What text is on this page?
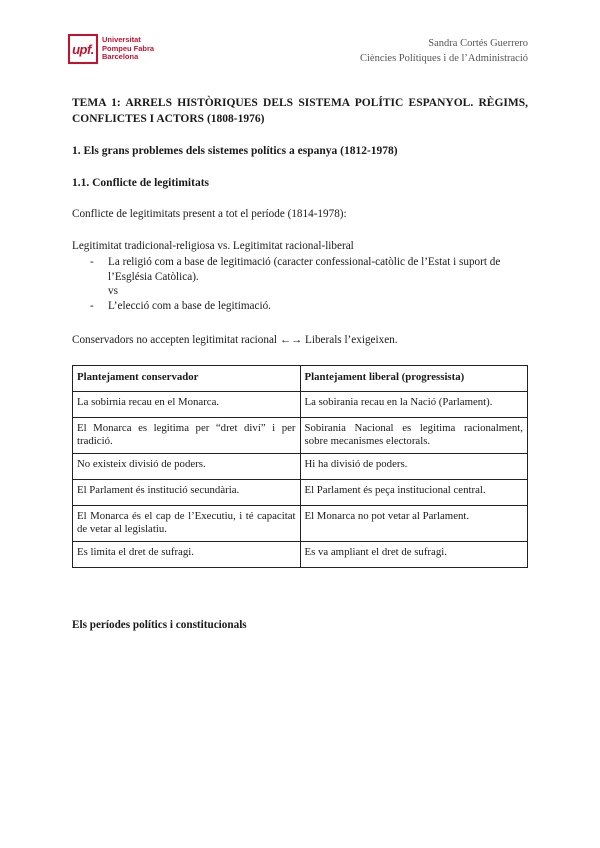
upf.
Universitat
Pompeu Fabra
Barcelona
Sandra Cortés Guerrero
Ciències Polítiques i de l’Administració
TEMA 1: ARRELS HISTÒRIQUES DELS SISTEMA POLÍTIC ESPANYOL. RÈGIMS, CONFLICTES I ACTORS (1808-1976)
1. Els grans problemes dels sistemes polítics a espanya (1812-1978)
1.1. Conflicte de legitimitats
Conflicte de legitimitats present a tot el període (1814-1978):
Legitimitat tradicional-religiosa vs. Legitimitat racional-liberal
- La religió com a base de legitimació (caracter confessional-catòlic de l’Estat i suport de l’Església Catòlica).
vs
- L’elecció com a base de legitimació.
Conservadors no accepten legitimitat racional ←→ Liberals l’exigeixen.
Plantejament conservador	Plantejament liberal (progressista)
La sobirnia recau en el Monarca.	La sobirania recau en la Nació (Parlament).
El Monarca es legitima per “dret diví” i per tradició.	Sobirania Nacional es legitima racionalment, sobre mecanismes electorals.
No existeix divisió de poders.	Hi ha divisió de poders.
El Parlament és institució secundària.	El Parlament és peça institucional central.
El Monarca és el cap de l’Executiu, i té capacitat de vetar al legislatiu.	El Monarca no pot vetar al Parlament.
Es limita el dret de sufragi.	Es va ampliant el dret de sufragi.
Els períodes polítics i constitucionals
